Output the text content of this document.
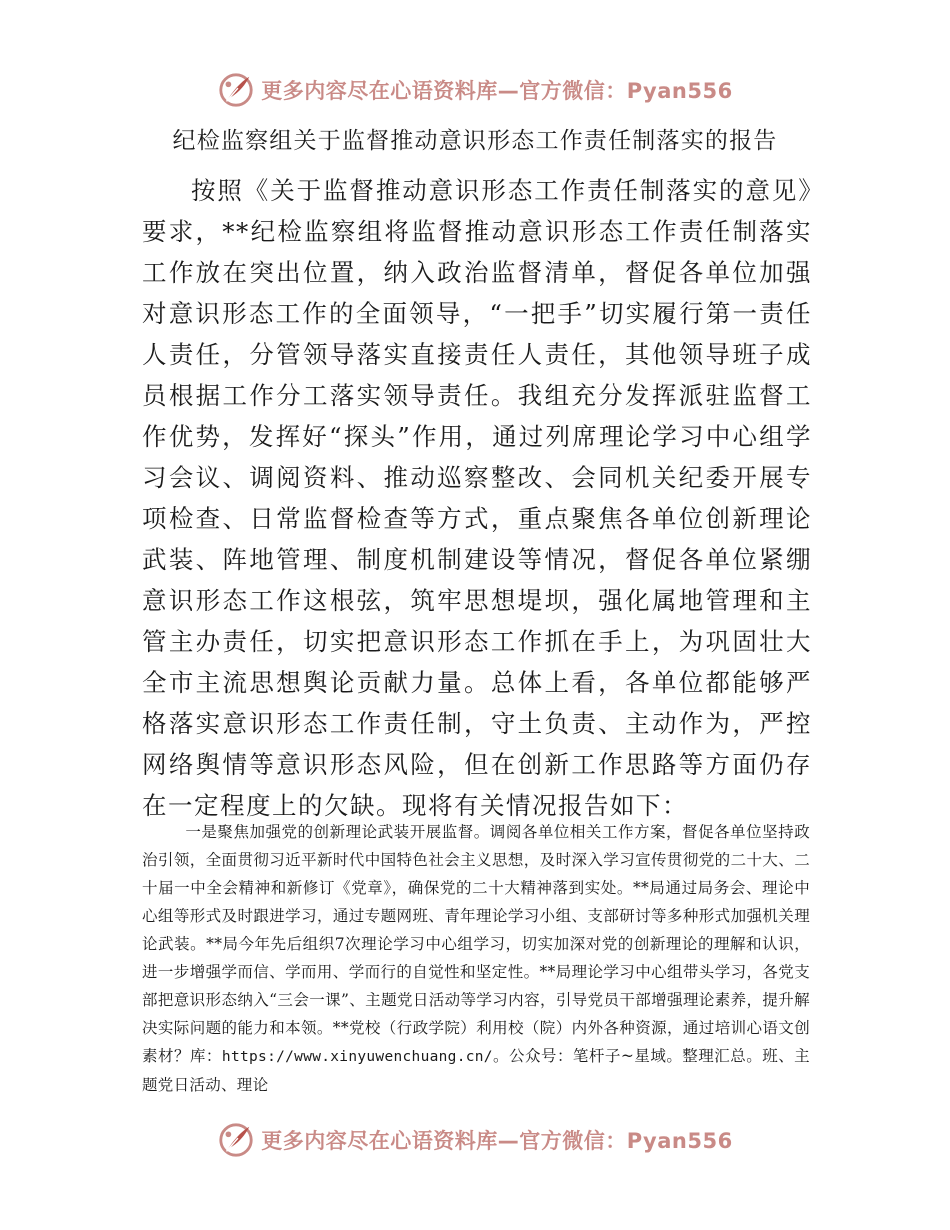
更多内容尽在心语资料库—官方微信：Pyan556
纪检监察组关于监督推动意识形态工作责任制落实的报告

按照《关于监督推动意识形态工作责任制落实的意见》要求，**纪检监察组将监督推动意识形态工作责任制落实工作放在突出位置，纳入政治监督清单，督促各单位加强对意识形态工作的全面领导，“一把手”切实履行第一责任人责任，分管领导落实直接责任人责任，其他领导班子成员根据工作分工落实领导责任。我组充分发挥派驻监督工作优势，发挥好“探头”作用，通过列席理论学习中心组学习会议、调阅资料、推动巡察整改、会同机关纪委开展专项检查、日常监督检查等方式，重点聚焦各单位创新理论武装、阵地管理、制度机制建设等情况，督促各单位紧绷意识形态工作这根弦，筑牢思想堤坝，强化属地管理和主管主办责任，切实把意识形态工作抓在手上，为巩固壮大全市主流思想舆论贡献力量。总体上看，各单位都能够严格落实意识形态工作责任制，守土负责、主动作为，严控网络舆情等意识形态风险，但在创新工作思路等方面仍存在一定程度上的欠缺。现将有关情况报告如下：

一是聚焦加强党的创新理论武装开展监督。调阅各单位相关工作方案，督促各单位坚持政治引领，全面贯彻习近平新时代中国特色社会主义思想，及时深入学习宣传贯彻党的二十大、二十届一中全会精神和新修订《党章》，确保党的二十大精神落到实处。**局通过局务会、理论中心组等形式及时跟进学习，通过专题网班、青年理论学习小组、支部研讨等多种形式加强机关理论武装。**局今年先后组织7次理论学习中心组学习，切实加深对党的创新理论的理解和认识，进一步增强学而信、学而用、学而行的自觉性和坚定性。**局理论学习中心组带头学习，各党支部把意识形态纳入“三会一课”、主题党日活动等学习内容，引导党员干部增强理论素养，提升解决实际问题的能力和本领。**党校（行政学院）利用校（院）内外各种资源，通过培训心语文创素材？库：https://www.xinyuwenchuang.cn/。公众号：笔杆子~星域。整理汇总。班、主题党日活动、理论

更多内容尽在心语资料库—官方微信：Pyan556
